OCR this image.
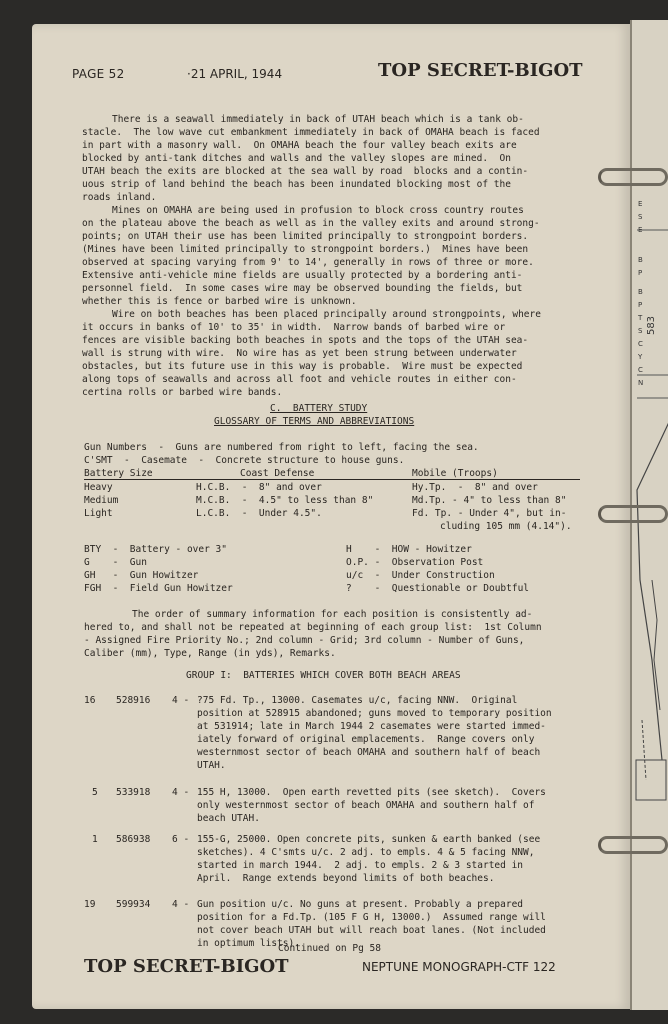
E
S
E
B
P
B
P
T
S
C
Y
C
N
583
PAGE 52	·21 APRIL, 1944	TOP SECRET-BIGOT
There is a seawall immediately in back of UTAH beach which is a tank ob-
stacle.  The low wave cut embankment immediately in back of OMAHA beach is faced
in part with a masonry wall.  On OMAHA beach the four valley beach exits are
blocked by anti-tank ditches and walls and the valley slopes are mined.  On
UTAH beach the exits are blocked at the sea wall by road  blocks and a contin-
uous strip of land behind the beach has been inundated blocking most of the
roads inland.
Mines on OMAHA are being used in profusion to block cross country routes
on the plateau above the beach as well as in the valley exits and around strong-
points; on UTAH their use has been limited principally to strongpoint borders.
(Mines have been limited principally to strongpoint borders.)  Mines have been
observed at spacing varying from 9' to 14', generally in rows of three or more.
Extensive anti-vehicle mine fields are usually protected by a bordering anti-
personnel field.  In some cases wire may be observed bounding the fields, but
whether this is fence or barbed wire is unknown.
Wire on both beaches has been placed principally around strongpoints, where
it occurs in banks of 10' to 35' in width.  Narrow bands of barbed wire or
fences are visible backing both beaches in spots and the tops of the UTAH sea-
wall is strung with wire.  No wire has as yet been strung between underwater
obstacles, but its future use in this way is probable.  Wire must be expected
along tops of seawalls and across all foot and vehicle routes in either con-
certina rolls or barbed wire bands.
C.  BATTERY STUDY
GLOSSARY OF TERMS AND ABBREVIATIONS
Gun Numbers  -  Guns are numbered from right to left, facing the sea.
C'SMT  -  Casemate  -  Concrete structure to house guns.
Battery Size	Coast Defense	Mobile (Troops)
Heavy	H.C.B.  -  8" and over	Hy.Tp.  -  8" and over
Medium	M.C.B.  -  4.5" to less than 8"	Md.Tp. - 4" to less than 8"
Light	L.C.B.  -  Under 4.5".	Fd. Tp. - Under 4", but in-
cluding 105 mm (4.14").
BTY  -  Battery - over 3"
G    -  Gun
GH   -  Gun Howitzer
FGH  -  Field Gun Howitzer
H    -  HOW - Howitzer
O.P. -  Observation Post
u/c  -  Under Construction
?    -  Questionable or Doubtful
The order of summary information for each position is consistently ad-
hered to, and shall not be repeated at beginning of each group list:  1st Column
- Assigned Fire Priority No.; 2nd column - Grid; 3rd column - Number of Guns,
Caliber (mm), Type, Range (in yds), Remarks.
GROUP I:  BATTERIES WHICH COVER BOTH BEACH AREAS
16 528916 4 - ?75 Fd. Tp., 13000. Casemates u/c, facing NNW.  Original
position at 528915 abandoned; guns moved to temporary position
at 531914; late in March 1944 2 casemates were started immed-
iately forward of original emplacements.  Range covers only
westernmost sector of beach OMAHA and southern half of beach
UTAH.
5 533918 4 - 155 H, 13000.  Open earth revetted pits (see sketch).  Covers
only westernmost sector of beach OMAHA and southern half of
beach UTAH.
1 586938 6 - 155-G, 25000. Open concrete pits, sunken & earth banked (see
sketches). 4 C'smts u/c. 2 adj. to empls. 4 & 5 facing NNW,
started in march 1944.  2 adj. to empls. 2 & 3 started in
April.  Range extends beyond limits of both beaches.
19 599934 4 - Gun position u/c. No guns at present. Probably a prepared
position for a Fd.Tp. (105 F G H, 13000.)  Assumed range will
not cover beach UTAH but will reach boat lanes. (Not included
in optimum lists).
Continued on Pg 58
TOP SECRET-BIGOT	NEPTUNE MONOGRAPH-CTF 122
